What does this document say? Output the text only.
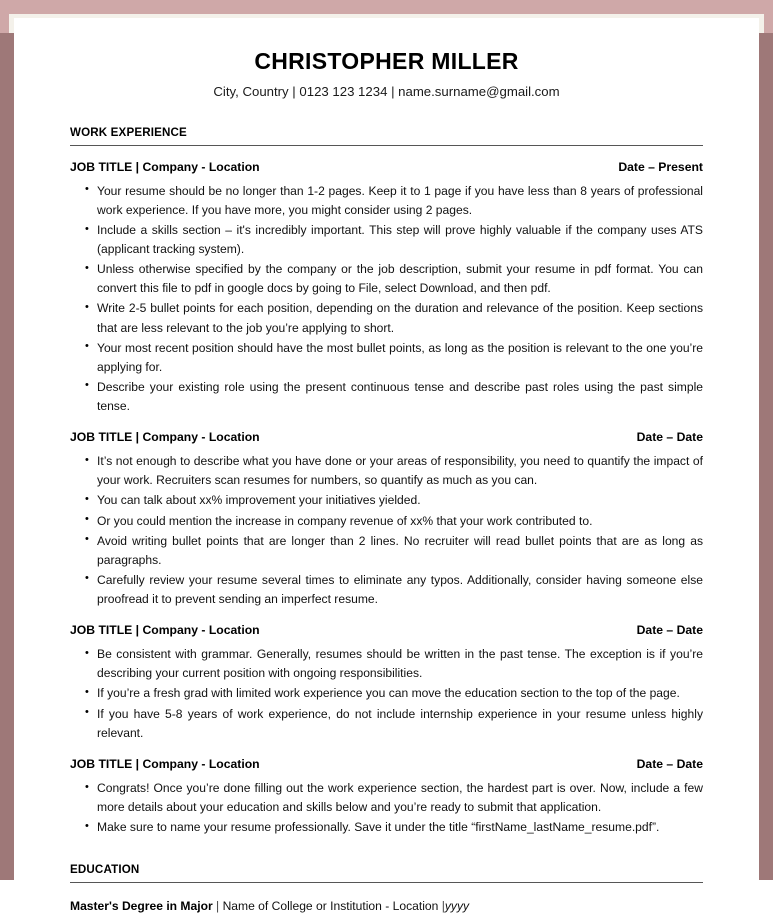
CHRISTOPHER MILLER

City, Country | 0123 123 1234 | name.surname@gmail.com

WORK EXPERIENCE
JOB TITLE | Company - Location	Date – Present
• Your resume should be no longer than 1-2 pages. Keep it to 1 page if you have less than 8 years of professional work experience. If you have more, you might consider using 2 pages.
• Include a skills section – it's incredibly important. This step will prove highly valuable if the company uses ATS (applicant tracking system).
• Unless otherwise specified by the company or the job description, submit your resume in pdf format. You can convert this file to pdf in google docs by going to File, select Download, and then pdf.
• Write 2-5 bullet points for each position, depending on the duration and relevance of the position. Keep sections that are less relevant to the job you’re applying to short.
• Your most recent position should have the most bullet points, as long as the position is relevant to the one you’re applying for.
• Describe your existing role using the present continuous tense and describe past roles using the past simple tense.
JOB TITLE | Company - Location	Date – Date
• It’s not enough to describe what you have done or your areas of responsibility, you need to quantify the impact of your work. Recruiters scan resumes for numbers, so quantify as much as you can.
• You can talk about xx% improvement your initiatives yielded.
• Or you could mention the increase in company revenue of xx% that your work contributed to.
• Avoid writing bullet points that are longer than 2 lines. No recruiter will read bullet points that are as long as paragraphs.
• Carefully review your resume several times to eliminate any typos. Additionally, consider having someone else proofread it to prevent sending an imperfect resume.
JOB TITLE | Company - Location	Date – Date
• Be consistent with grammar. Generally, resumes should be written in the past tense. The exception is if you’re describing your current position with ongoing responsibilities.
• If you’re a fresh grad with limited work experience you can move the education section to the top of the page.
• If you have 5-8 years of work experience, do not include internship experience in your resume unless highly relevant.
JOB TITLE | Company - Location	Date – Date
• Congrats! Once you’re done filling out the work experience section, the hardest part is over. Now, include a few more details about your education and skills below and you’re ready to submit that application.
• Make sure to name your resume professionally. Save it under the title “firstName_lastName_resume.pdf”.
EDUCATION
Master's Degree in Major | Name of College or Institution - Location |yyyy
